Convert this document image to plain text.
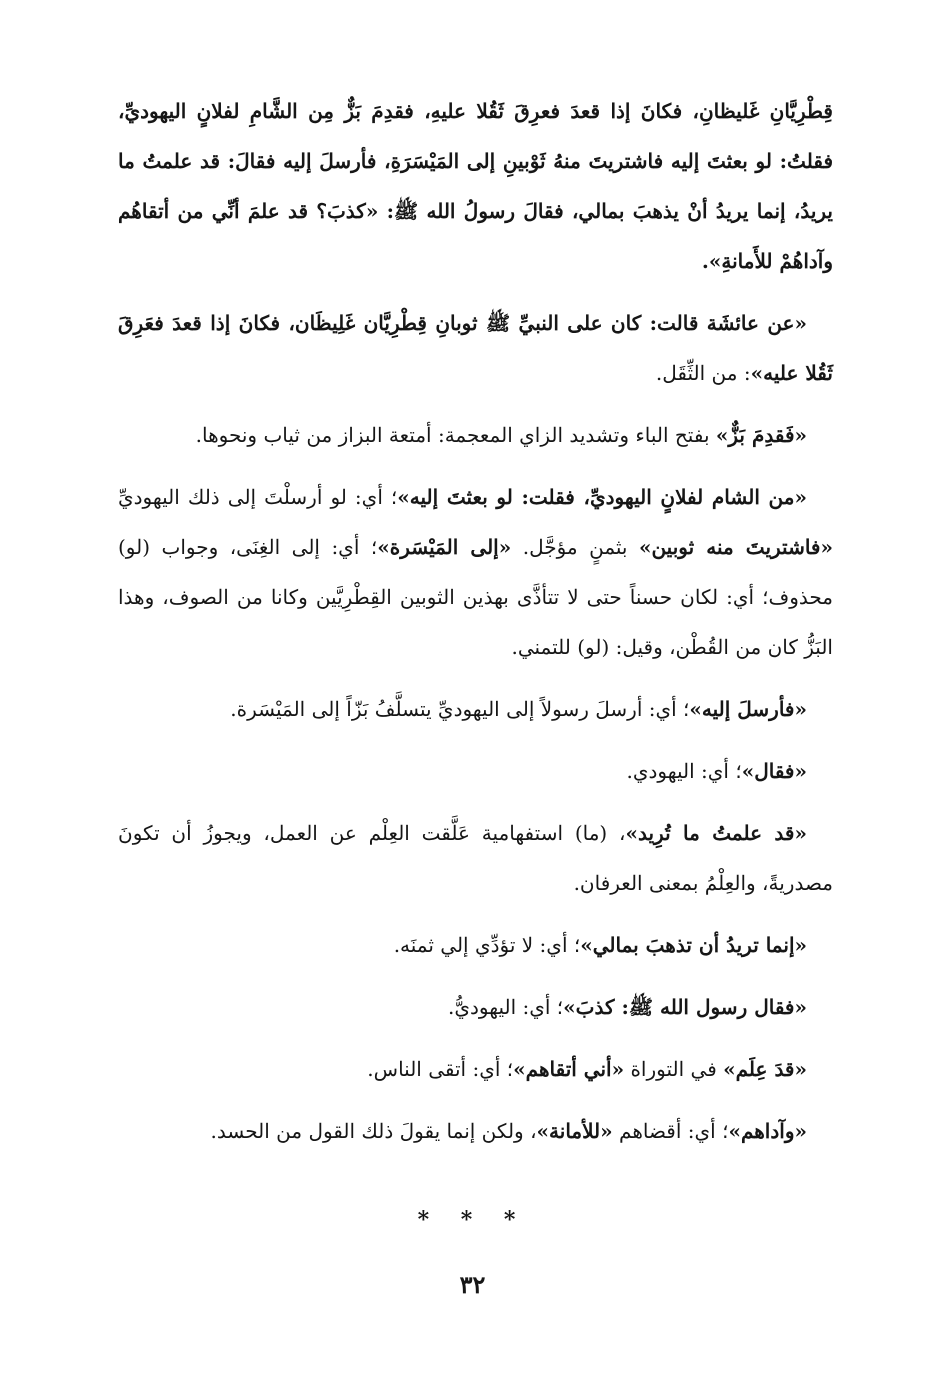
قِطْرِيَّانِ غَليظانِ، فكانَ إذا قعدَ فعرِقَ ثَقُلا عليهِ، فقدِمَ بَزٌّ مِن الشَّامِ لفلانٍ اليهوديِّ، فقلتُ: لو بعثتَ إليه فاشتريتَ منهُ ثَوْبينِ إلى المَيْسَرَةِ، فأرسلَ إليه فقالَ: قد علمتُ ما يريدُ، إنما يريدُ أنْ يذهبَ بمالي، فقالَ رسولُ الله ﷺ: «كذبَ؟ قد علمَ أنِّي من أتقاهُم وآداهُمْ للأَمانةِ».

«عن عائشَة قالت: كان على النبيِّ ﷺ ثوبانِ قِطْرِيَّان غَلِيظَان، فكانَ إذا قعدَ فعَرِقَ ثَقُلا عليه»: من الثِّقَل.

«فَقدِمَ بَزٌّ» بفتح الباء وتشديد الزاي المعجمة: أمتعة البزاز من ثياب ونحوها.

«من الشام لفلانٍ اليهوديِّ، فقلت: لو بعثتَ إليه»؛ أي: لو أرسلْتَ إلى ذلك اليهوديِّ «فاشتريتَ منه ثوبين» بثمنٍ مؤجَّل. «إلى المَيْسَرة»؛ أي: إلى الغِنَى، وجواب (لو) محذوف؛ أي: لكان حسناً حتى لا تتأذَّى بهذين الثوبين القِطْرِيَّين وكانا من الصوف، وهذا البَزُّ كان من القُطْن، وقيل: (لو) للتمني.

«فأرسلَ إليه»؛ أي: أرسلَ رسولاً إلى اليهوديِّ يتسلَّفُ بَزّاً إلى المَيْسَرة.

«فقال»؛ أي: اليهودي.

«قد علمتُ ما تُرِيد»، (ما) استفهامية عَلَّقت العِلْم عن العمل، ويجوزُ أن تكونَ مصدريةً، والعِلْمُ بمعنى العرفان.

«إنما تريدُ أن تذهبَ بمالي»؛ أي: لا تؤدِّي إلي ثمنَه.

«فقال رسول الله ﷺ: كذبَ»؛ أي: اليهوديُّ.

«قدَ عِلَم» في التوراة «أني أتقاهم»؛ أي: أتقى الناس.

«وآداهم»؛ أي: أقضاهم «للأمانة»، ولكن إنما يقولَ ذلك القول من الحسد.

* * *
٣٢
